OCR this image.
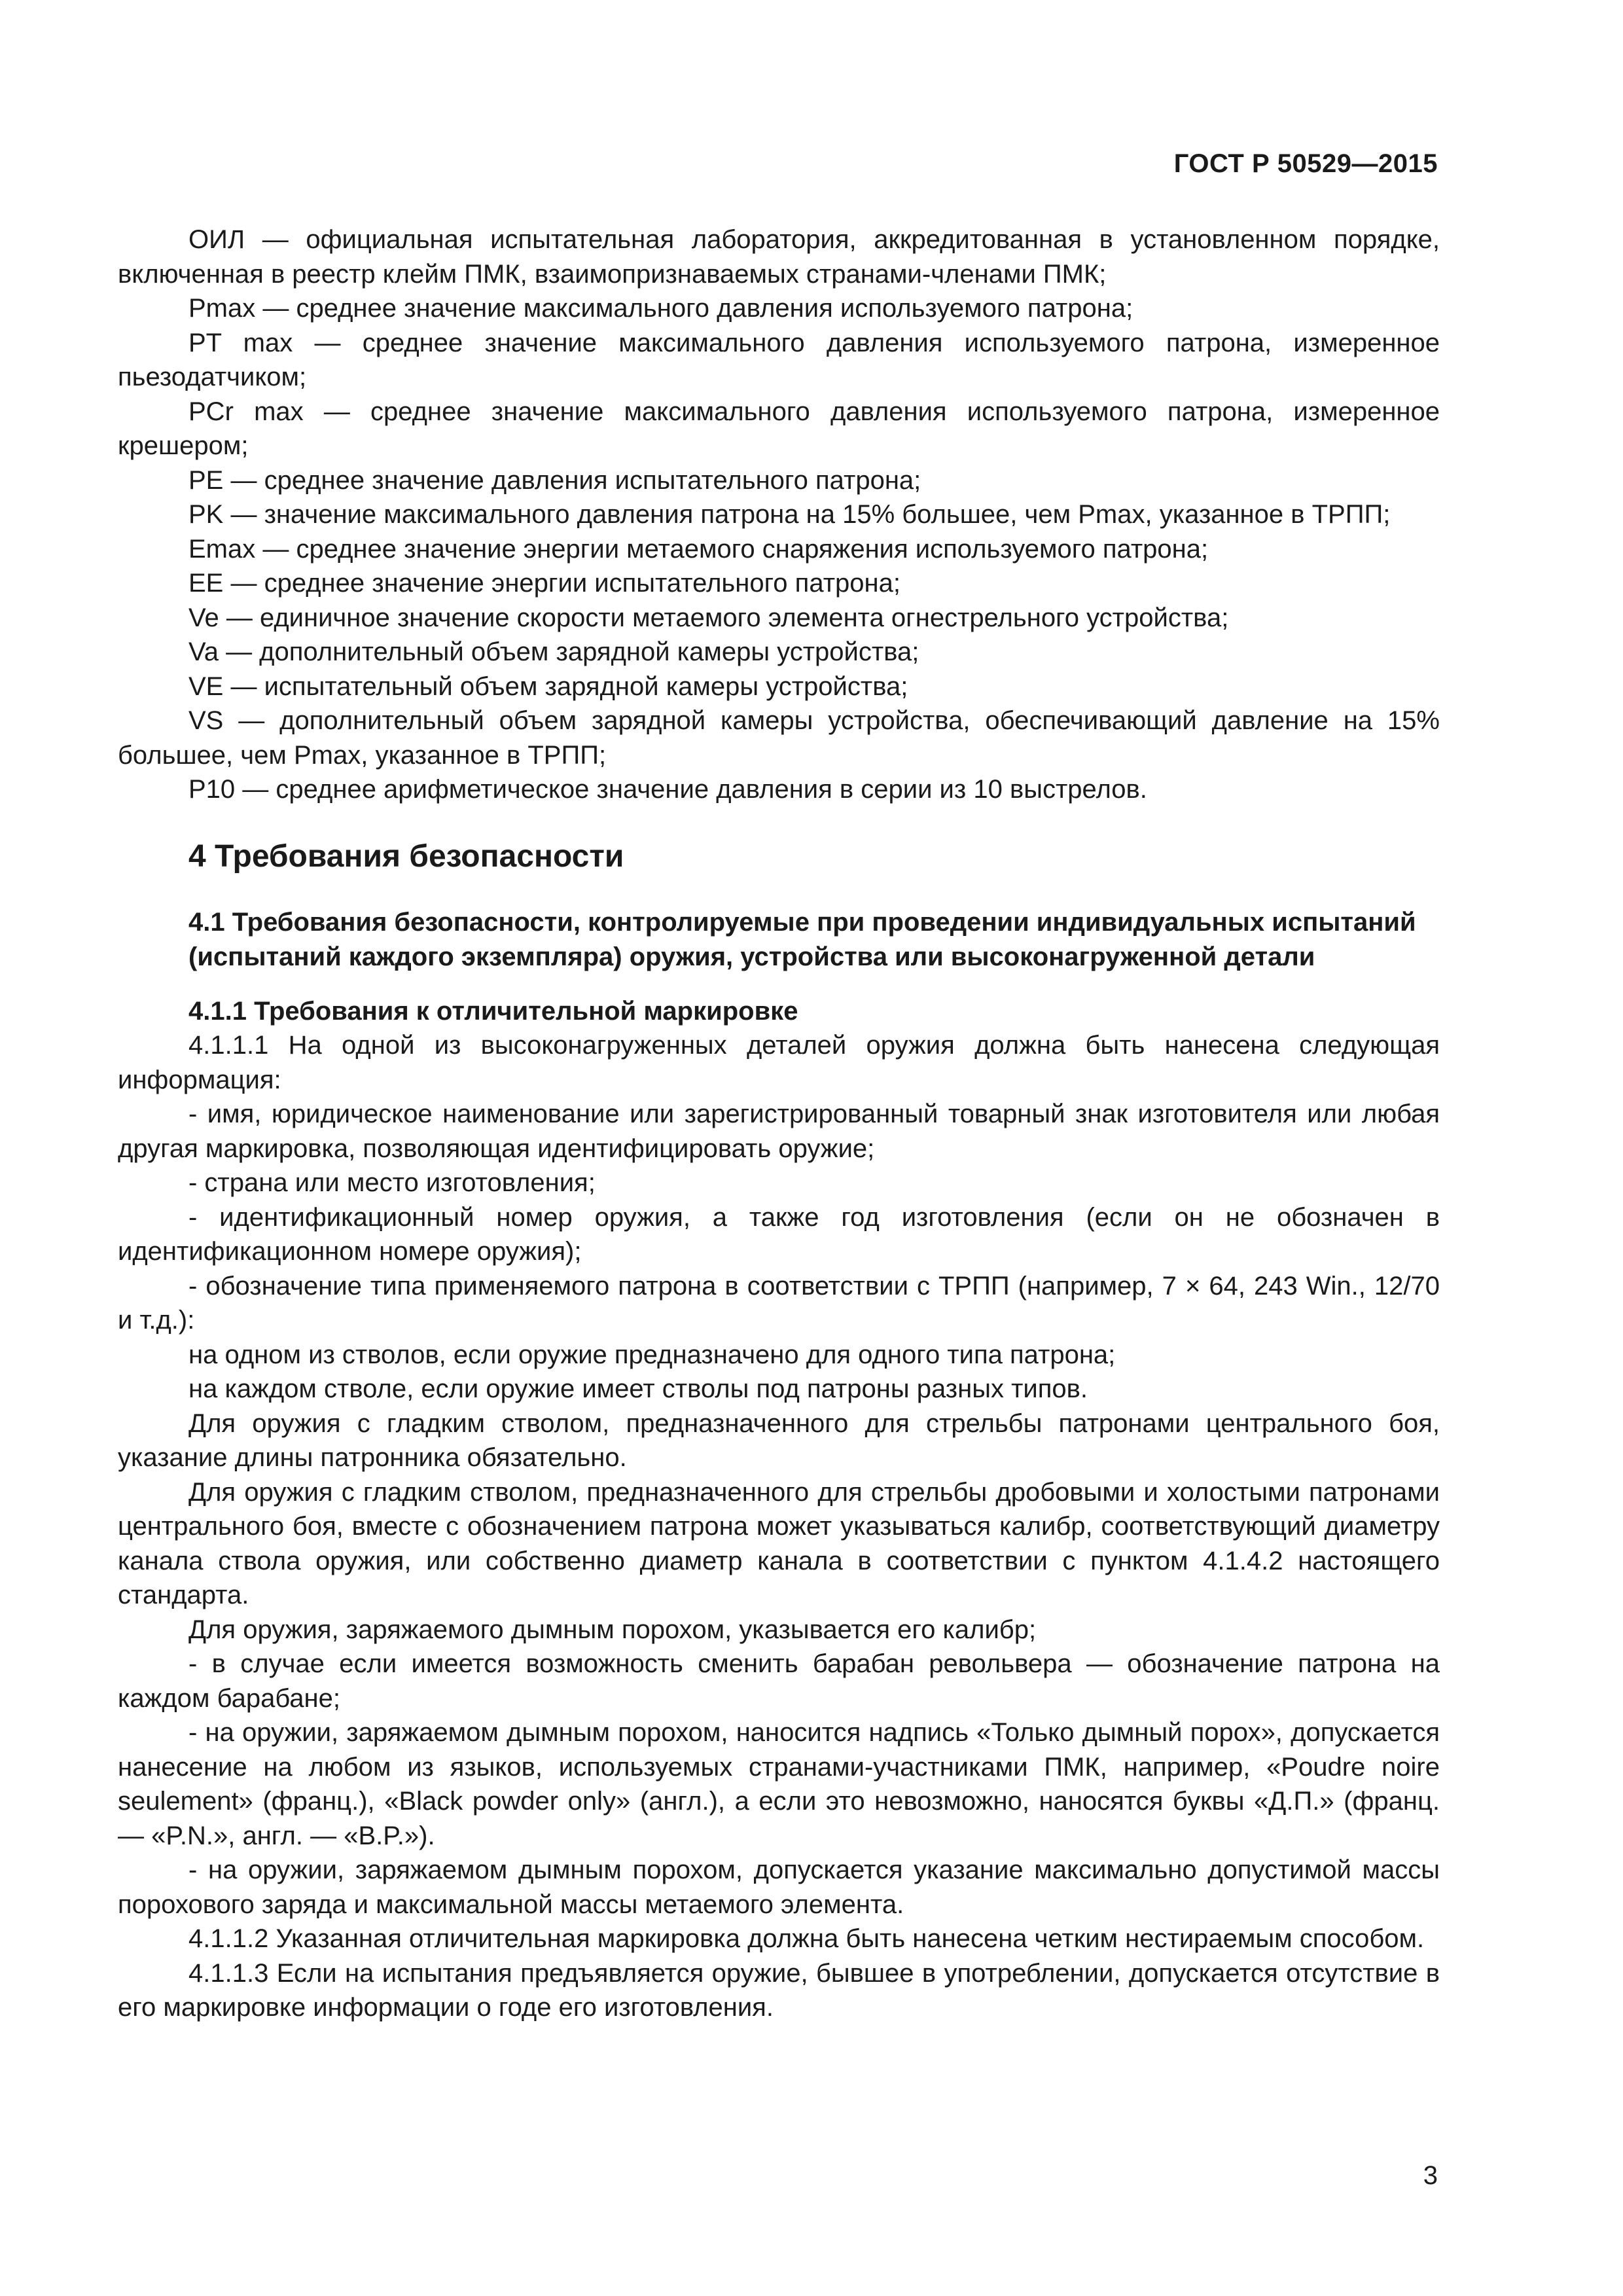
ГОСТ Р 50529—2015

ОИЛ — официальная испытательная лаборатория, аккредитованная в установленном порядке, включенная в реестр клейм ПМК, взаимопризнаваемых странами-членами ПМК;

Pmax — среднее значение максимального давления используемого патрона;

PT max — среднее значение максимального давления используемого патрона, измеренное пьезодатчиком;

PCr max — среднее значение максимального давления используемого патрона, измеренное крешером;

PE — среднее значение давления испытательного патрона;

PK — значение максимального давления патрона на 15% большее, чем Pmax, указанное в ТРПП;

Emax — среднее значение энергии метаемого снаряжения используемого патрона;

EE — среднее значение энергии испытательного патрона;

Ve — единичное значение скорости метаемого элемента огнестрельного устройства;

Va — дополнительный объем зарядной камеры устройства;

VE — испытательный объем зарядной камеры устройства;

VS — дополнительный объем зарядной камеры устройства, обеспечивающий давление на 15% большее, чем Pmax, указанное в ТРПП;

P10 — среднее арифметическое значение давления в серии из 10 выстрелов.

4 Требования безопасности
4.1 Требования безопасности, контролируемые при проведении индивидуальных испытаний (испытаний каждого экземпляра) оружия, устройства или высоконагруженной детали
4.1.1 Требования к отличительной маркировке

4.1.1.1 На одной из высоконагруженных деталей оружия должна быть нанесена следующая информация:

- имя, юридическое наименование или зарегистрированный товарный знак изготовителя или любая другая маркировка, позволяющая идентифицировать оружие;

- страна или место изготовления;

- идентификационный номер оружия, а также год изготовления (если он не обозначен в идентификационном номере оружия);

- обозначение типа применяемого патрона в соответствии с ТРПП (например, 7 × 64, 243 Win., 12/70 и т.д.):

на одном из стволов, если оружие предназначено для одного типа патрона;

на каждом стволе, если оружие имеет стволы под патроны разных типов.

Для оружия с гладким стволом, предназначенного для стрельбы патронами центрального боя, указание длины патронника обязательно.

Для оружия с гладким стволом, предназначенного для стрельбы дробовыми и холостыми патронами центрального боя, вместе с обозначением патрона может указываться калибр, соответствующий диаметру канала ствола оружия, или собственно диаметр канала в соответствии с пунктом 4.1.4.2 настоящего стандарта.

Для оружия, заряжаемого дымным порохом, указывается его калибр;

- в случае если имеется возможность сменить барабан револьвера — обозначение патрона на каждом барабане;

- на оружии, заряжаемом дымным порохом, наносится надпись «Только дымный порох», допускается нанесение на любом из языков, используемых странами-участниками ПМК, например, «Poudre noire seulement» (франц.), «Black powder only» (англ.), а если это невозможно, наносятся буквы «Д.П.» (франц. — «P.N.», англ. — «B.P.»).

- на оружии, заряжаемом дымным порохом, допускается указание максимально допустимой массы порохового заряда и максимальной массы метаемого элемента.

4.1.1.2 Указанная отличительная маркировка должна быть нанесена четким нестираемым способом.

4.1.1.3 Если на испытания предъявляется оружие, бывшее в употреблении, допускается отсутствие в его маркировке информации о годе его изготовления.

3
